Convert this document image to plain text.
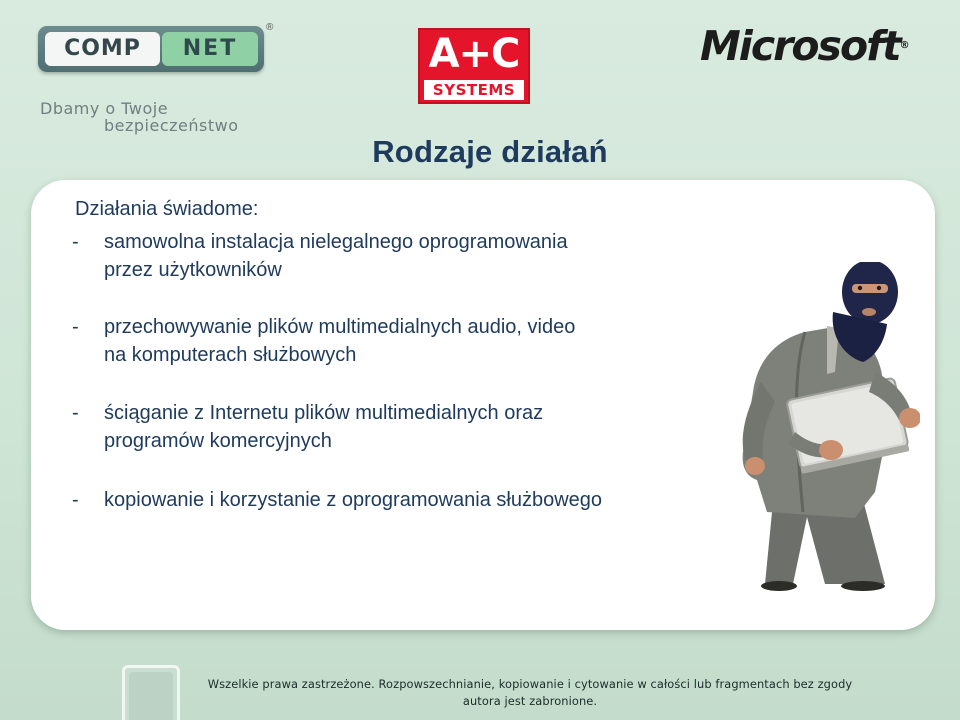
COMP	NET
®
Dbamy o Twoje
bezpieczeństwo
A+C
SYSTEMS
Microsoft®
Rodzaje działań
Działania świadome:
-	samowolna instalacja nielegalnego oprogramowania
przez użytkowników
-	przechowywanie plików multimedialnych audio, video
na komputerach służbowych
-	ściąganie z Internetu plików multimedialnych oraz
programów komercyjnych
-	kopiowanie i korzystanie z oprogramowania służbowego
Wszelkie prawa zastrzeżone. Rozpowszechnianie, kopiowanie i cytowanie w całości lub fragmentach bez zgody
autora jest zabronione.
